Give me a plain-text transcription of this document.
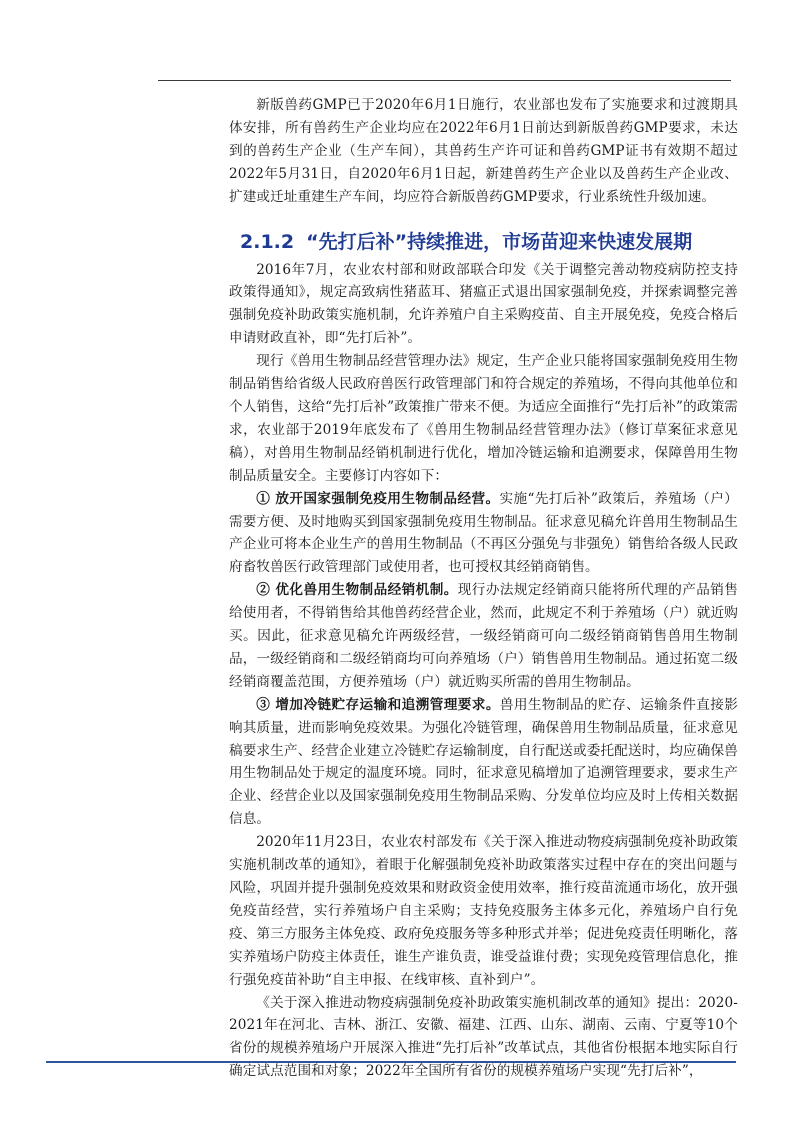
新版兽药GMP已于2020年6月1日施行，农业部也发布了实施要求和过渡期具体安排，所有兽药生产企业均应在2022年6月1日前达到新版兽药GMP要求，未达到的兽药生产企业（生产车间），其兽药生产许可证和兽药GMP证书有效期不超过2022年5月31日，自2020年6月1日起，新建兽药生产企业以及兽药生产企业改、扩建或迁址重建生产车间，均应符合新版兽药GMP要求，行业系统性升级加速。

2.1.2 “先打后补”持续推进，市场苗迎来快速发展期

2016年7月，农业农村部和财政部联合印发《关于调整完善动物疫病防控支持政策得通知》，规定高致病性猪蓝耳、猪瘟正式退出国家强制免疫，并探索调整完善强制免疫补助政策实施机制，允许养殖户自主采购疫苗、自主开展免疫，免疫合格后申请财政直补，即“先打后补”。

现行《兽用生物制品经营管理办法》规定，生产企业只能将国家强制免疫用生物制品销售给省级人民政府兽医行政管理部门和符合规定的养殖场，不得向其他单位和个人销售，这给“先打后补”政策推广带来不便。为适应全面推行“先打后补”的政策需求，农业部于2019年底发布了《兽用生物制品经营管理办法》（修订草案征求意见稿），对兽用生物制品经销机制进行优化，增加冷链运输和追溯要求，保障兽用生物制品质量安全。主要修订内容如下：

① 放开国家强制免疫用生物制品经营。实施“先打后补”政策后，养殖场（户）需要方便、及时地购买到国家强制免疫用生物制品。征求意见稿允许兽用生物制品生产企业可将本企业生产的兽用生物制品（不再区分强免与非强免）销售给各级人民政府畜牧兽医行政管理部门或使用者，也可授权其经销商销售。

② 优化兽用生物制品经销机制。现行办法规定经销商只能将所代理的产品销售给使用者，不得销售给其他兽药经营企业，然而，此规定不利于养殖场（户）就近购买。因此，征求意见稿允许两级经营，一级经销商可向二级经销商销售兽用生物制品，一级经销商和二级经销商均可向养殖场（户）销售兽用生物制品。通过拓宽二级经销商覆盖范围，方便养殖场（户）就近购买所需的兽用生物制品。

③ 增加冷链贮存运输和追溯管理要求。兽用生物制品的贮存、运输条件直接影响其质量，进而影响免疫效果。为强化冷链管理，确保兽用生物制品质量，征求意见稿要求生产、经营企业建立冷链贮存运输制度，自行配送或委托配送时，均应确保兽用生物制品处于规定的温度环境。同时，征求意见稿增加了追溯管理要求，要求生产企业、经营企业以及国家强制免疫用生物制品采购、分发单位均应及时上传相关数据信息。

2020年11月23日，农业农村部发布《关于深入推进动物疫病强制免疫补助政策实施机制改革的通知》，着眼于化解强制免疫补助政策落实过程中存在的突出问题与风险，巩固并提升强制免疫效果和财政资金使用效率，推行疫苗流通市场化，放开强免疫苗经营，实行养殖场户自主采购；支持免疫服务主体多元化，养殖场户自行免疫、第三方服务主体免疫、政府免疫服务等多种形式并举；促进免疫责任明晰化，落实养殖场户防疫主体责任，谁生产谁负责，谁受益谁付费；实现免疫管理信息化，推行强免疫苗补助“自主申报、在线审核、直补到户”。

《关于深入推进动物疫病强制免疫补助政策实施机制改革的通知》提出：2020-2021年在河北、吉林、浙江、安徽、福建、江西、山东、湖南、云南、宁夏等10个省份的规模养殖场户开展深入推进“先打后补”改革试点，其他省份根据本地实际自行确定试点范围和对象；2022年全国所有省份的规模养殖场户实现“先打后补”，
